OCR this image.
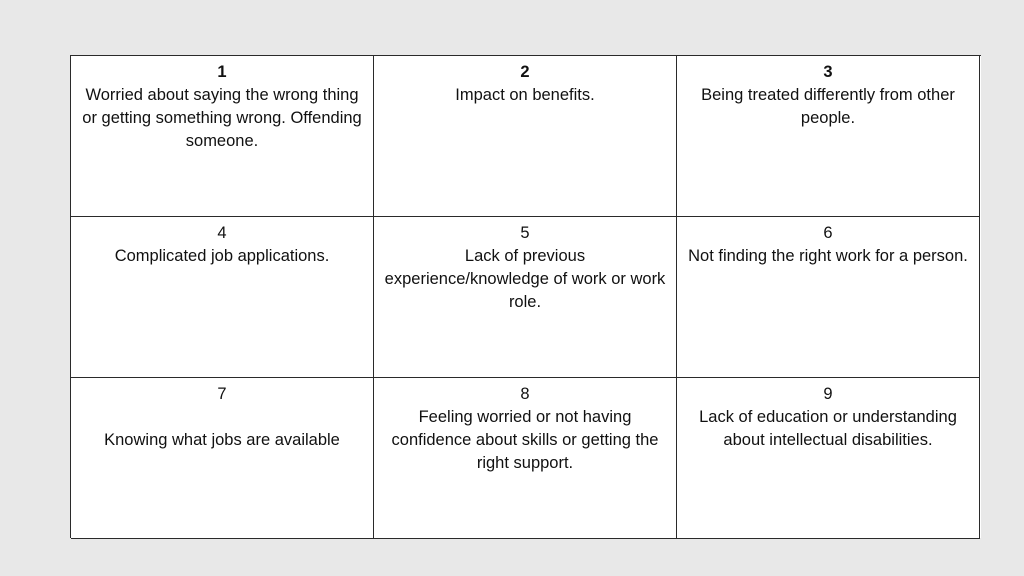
1
Worried about saying the wrong thing or getting something wrong. Offending someone.
2
Impact on benefits.
3
Being treated differently from other people.
4
Complicated job applications.
5
Lack of previous experience/knowledge of work or work role.
6
Not finding the right work for a person.
7
Knowing what jobs are available
8
Feeling worried or not having confidence about skills or getting the right support.
9
Lack of education or understanding about intellectual disabilities.
